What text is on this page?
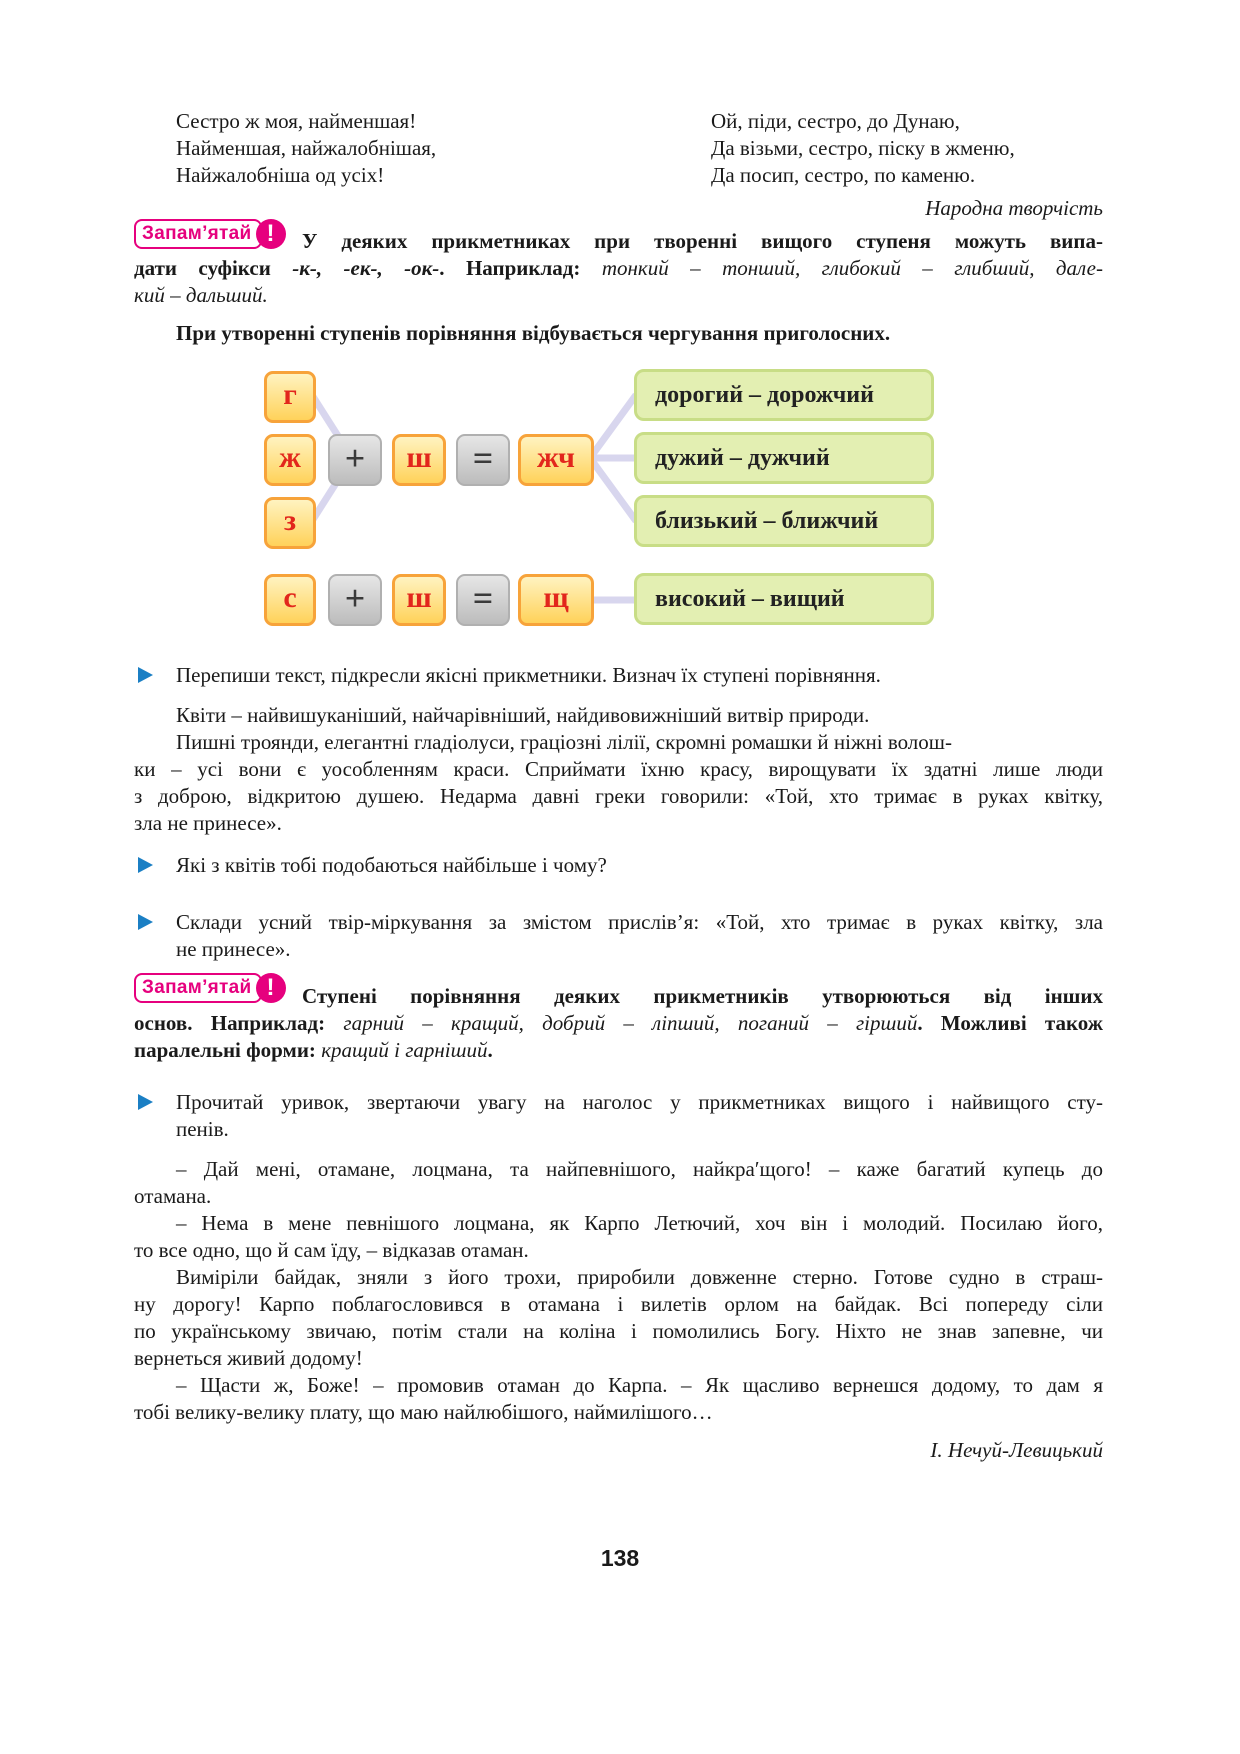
Сестро ж моя, найменшая!
Найменшая, найжалобнішая,
Найжалобніша од усіх!
Ой, піди, сестро, до Дунаю,
Да візьми, сестро, піску в жменю,
Да посип, сестро, по каменю.
Народна творчість
Запам’ятай !	У деяких прикметниках при творенні вищого ступеня можуть випа-
дати суфікси -к-, -ек-, -ок-. Наприклад: тонкий – тонший, глибокий – глибший, дале-
кий – дальший.
При утворенні ступенів порівняння відбувається чергування приголосних.
г
ж
з
+	ш	=	жч
дорогий – дорожчий
дужий – дужчий
близький – ближчий
с	+	ш	=	щ	високий – вищий
Перепиши текст, підкресли якісні прикметники. Визнач їх ступені порівняння.
Квіти – найвишуканіший, найчарівніший, найдивовижніший витвір природи.
Пишні троянди, елегантні гладіолуси, граціозні лілії, скромні ромашки й ніжні волош-
ки – усі вони є уособленням краси. Сприймати їхню красу, вирощувати їх здатні лише люди
з доброю, відкритою душею. Недарма давні греки говорили: «Той, хто тримає в руках квітку,
зла не принесе».
Які з квітів тобі подобаються найбільше і чому?
Склади усний твір-міркування за змістом прислів’я: «Той, хто тримає в руках квітку, зла
не принесе».
Запам’ятай !	Ступені порівняння деяких прикметників утворюються від інших
основ. Наприклад: гарний – кращий, добрий – ліпший, поганий – гірший. Можливі також
паралельні форми: кращий і гарніший.
Прочитай уривок, звертаючи увагу на наголос у прикметниках вищого і найвищого сту-
пенів.
– Дай мені, отамане, лоцмана, та найпевнішого, найкра′щого! – каже багатий купець до
отамана.
– Нема в мене певнішого лоцмана, як Карпо Летючий, хоч він і молодий. Посилаю його,
то все одно, що й сам їду, – відказав отаман.
Виміріли байдак, зняли з його трохи, приробили довженне стерно. Готове судно в страш-
ну дорогу! Карпо поблагословився в отамана і вилетів орлом на байдак. Всі попереду сіли
по українському звичаю, потім стали на коліна і помолились Богу. Ніхто не знав запевне, чи
вернеться живий додому!
– Щасти ж, Боже! – промовив отаман до Карпа. – Як щасливо вернешся додому, то дам я
тобі велику-велику плату, що маю найлюбішого, наймилішого…
І. Нечуй-Левицький
138
